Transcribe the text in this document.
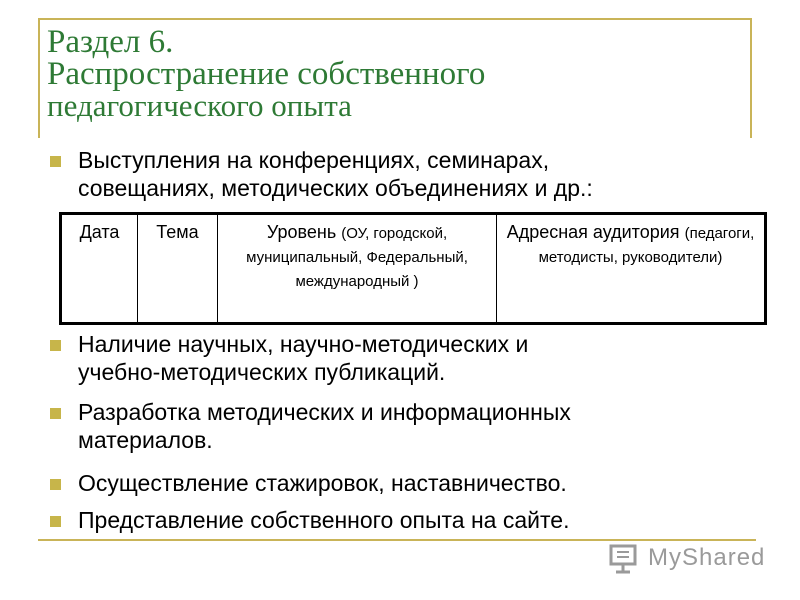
Раздел 6.
Распространение собственного
педагогического опыта
Выступления на конференциях, семинарах,
совещаниях, методических объединениях и др.:
Дата	Тема	Уровень (ОУ, городской, муниципальный, Федеральный, международный )	Адресная аудитория (педагоги, методисты, руководители)
Наличие научных, научно-методических и
учебно-методических публикаций.
Разработка методических и информационных
материалов.
Осуществление стажировок, наставничество.
Представление собственного опыта на сайте.
MyShared
